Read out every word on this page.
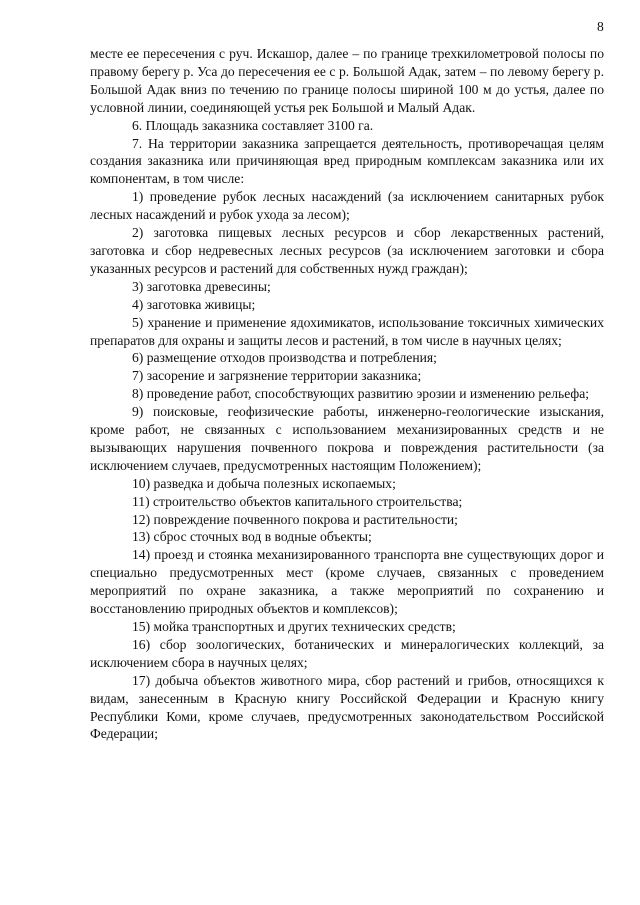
8

месте ее пересечения с руч. Искашор, далее – по границе трехкилометровой полосы по правому берегу р. Уса до пересечения ее с р. Большой Адак, затем – по левому берегу р. Большой Адак вниз по течению по границе полосы шириной 100 м до устья, далее по условной линии, соединяющей устья рек Большой и Малый Адак.

6. Площадь заказника составляет 3100 га.

7. На территории заказника запрещается деятельность, противоречащая целям создания заказника или причиняющая вред природным комплексам заказника или их компонентам, в том числе:

1) проведение рубок лесных насаждений (за исключением санитарных рубок лесных насаждений и рубок ухода за лесом);

2) заготовка пищевых лесных ресурсов и сбор лекарственных растений, заготовка и сбор недревесных лесных ресурсов (за исключением заготовки и сбора указанных ресурсов и растений для собственных нужд граждан);

3) заготовка древесины;

4) заготовка живицы;

5) хранение и применение ядохимикатов, использование токсичных химических препаратов для охраны и защиты лесов и растений, в том числе в научных целях;

6) размещение отходов производства и потребления;

7) засорение и загрязнение территории заказника;

8) проведение работ, способствующих развитию эрозии и изменению рельефа;

9) поисковые, геофизические работы, инженерно-геологические изыскания, кроме работ, не связанных с использованием механизированных средств и не вызывающих нарушения почвенного покрова и повреждения растительности (за исключением случаев, предусмотренных настоящим Положением);

10) разведка и добыча полезных ископаемых;

11) строительство объектов капитального строительства;

12) повреждение почвенного покрова и растительности;

13) сброс сточных вод в водные объекты;

14) проезд и стоянка механизированного транспорта вне существующих дорог и специально предусмотренных мест (кроме случаев, связанных с проведением мероприятий по охране заказника, а также мероприятий по сохранению и восстановлению природных объектов и комплексов);

15) мойка транспортных и других технических средств;

16) сбор зоологических, ботанических и минералогических коллекций, за исключением сбора в научных целях;

17) добыча объектов животного мира, сбор растений и грибов, относящихся к видам, занесенным в Красную книгу Российской Федерации и Красную книгу Республики Коми, кроме случаев, предусмотренных законодательством Российской Федерации;
